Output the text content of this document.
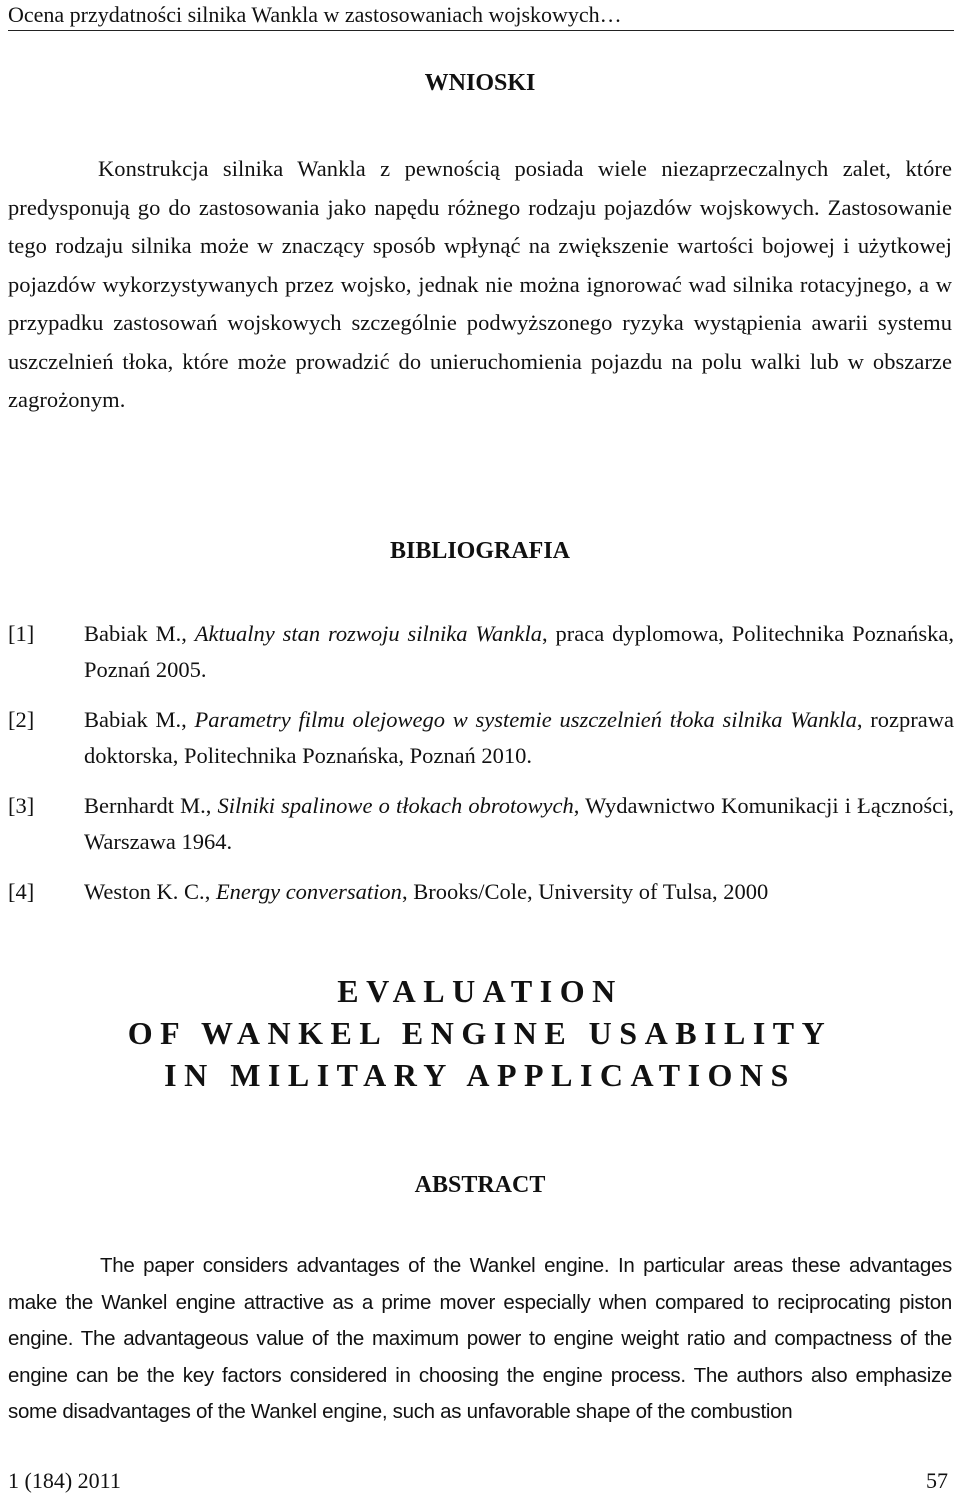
Ocena przydatności silnika Wankla w zastosowaniach wojskowych…
WNIOSKI

Konstrukcja silnika Wankla z pewnością posiada wiele niezaprzeczalnych zalet, które predysponują go do zastosowania jako napędu różnego rodzaju pojazdów wojskowych. Zastosowanie tego rodzaju silnika może w znaczący sposób wpłynąć na zwiększenie wartości bojowej i użytkowej pojazdów wykorzystywanych przez wojsko, jednak nie można ignorować wad silnika rotacyjnego, a w przypadku zastosowań wojskowych szczególnie podwyższonego ryzyka wystąpienia awarii systemu uszczelnień tłoka, które może prowadzić do unieruchomienia pojazdu na polu walki lub w obszarze zagrożonym.

BIBLIOGRAFIA
[1] Babiak M., Aktualny stan rozwoju silnika Wankla, praca dyplomowa, Politechnika Poznańska, Poznań 2005.
[2] Babiak M., Parametry filmu olejowego w systemie uszczelnień tłoka silnika Wankla, rozprawa doktorska, Politechnika Poznańska, Poznań 2010.
[3] Bernhardt M., Silniki spalinowe o tłokach obrotowych, Wydawnictwo Komunikacji i Łączności, Warszawa 1964.
[4] Weston K. C., Energy conversation, Brooks/Cole, University of Tulsa, 2000
EVALUATION
OF WANKEL ENGINE USABILITY
IN MILITARY APPLICATIONS
ABSTRACT

The paper considers advantages of the Wankel engine. In particular areas these advantages make the Wankel engine attractive as a prime mover especially when compared to reciprocating piston engine. The advantageous value of the maximum power to engine weight ratio and compactness of the engine can be the key factors considered in choosing the engine process. The authors also emphasize some disadvantages of the Wankel engine, such as unfavorable shape of the combustion

1 (184) 2011	57
